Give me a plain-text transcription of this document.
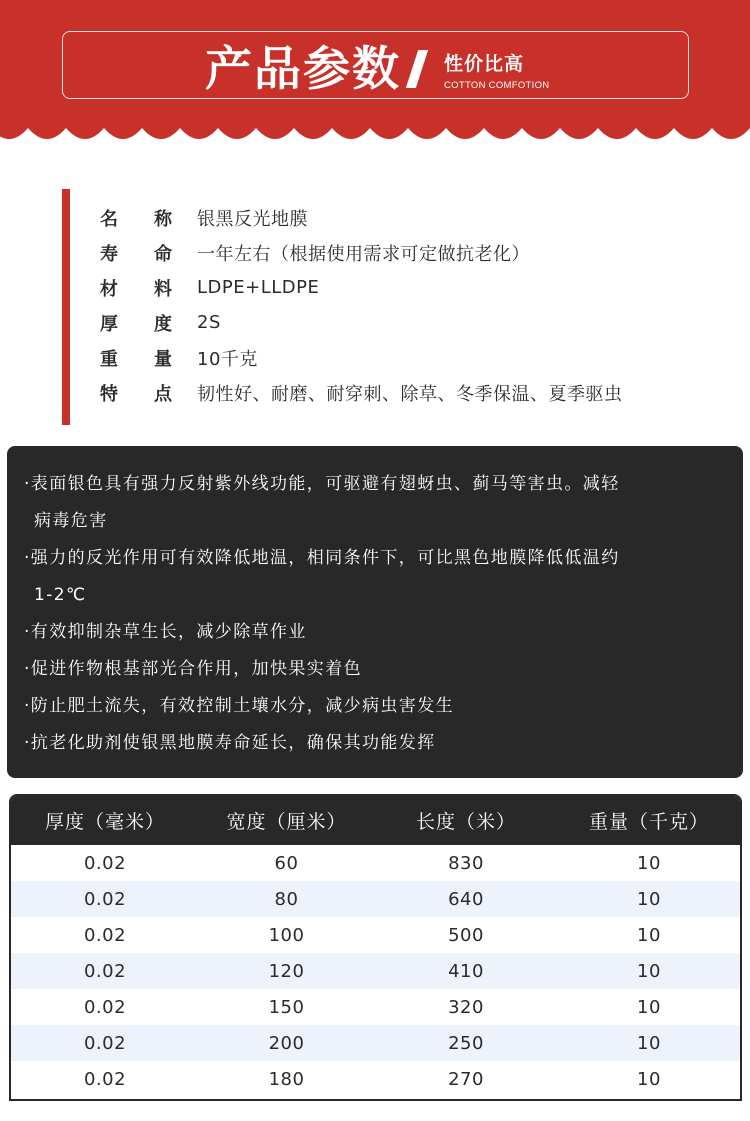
产品参数 性价比高
COTTON COMFOTION
名 称 银黑反光地膜
寿 命 一年左右（根据使用需求可定做抗老化）
材 料 LDPE+LLDPE
厚 度 2S
重 量 10千克
特 点 韧性好、耐磨、耐穿刺、除草、冬季保温、夏季驱虫
·表面银色具有强力反射紫外线功能，可驱避有翅蚜虫、蓟马等害虫。减轻
病毒危害
·强力的反光作用可有效降低地温，相同条件下，可比黑色地膜降低低温约
1-2℃
·有效抑制杂草生长，减少除草作业
·促进作物根基部光合作用，加快果实着色
·防止肥土流失，有效控制土壤水分，减少病虫害发生
·抗老化助剂使银黑地膜寿命延长，确保其功能发挥
厚度（毫米）	宽度（厘米）	长度（米）	重量（千克）
0.02	60	830	10
0.02	80	640	10
0.02	100	500	10
0.02	120	410	10
0.02	150	320	10
0.02	200	250	10
0.02	180	270	10
